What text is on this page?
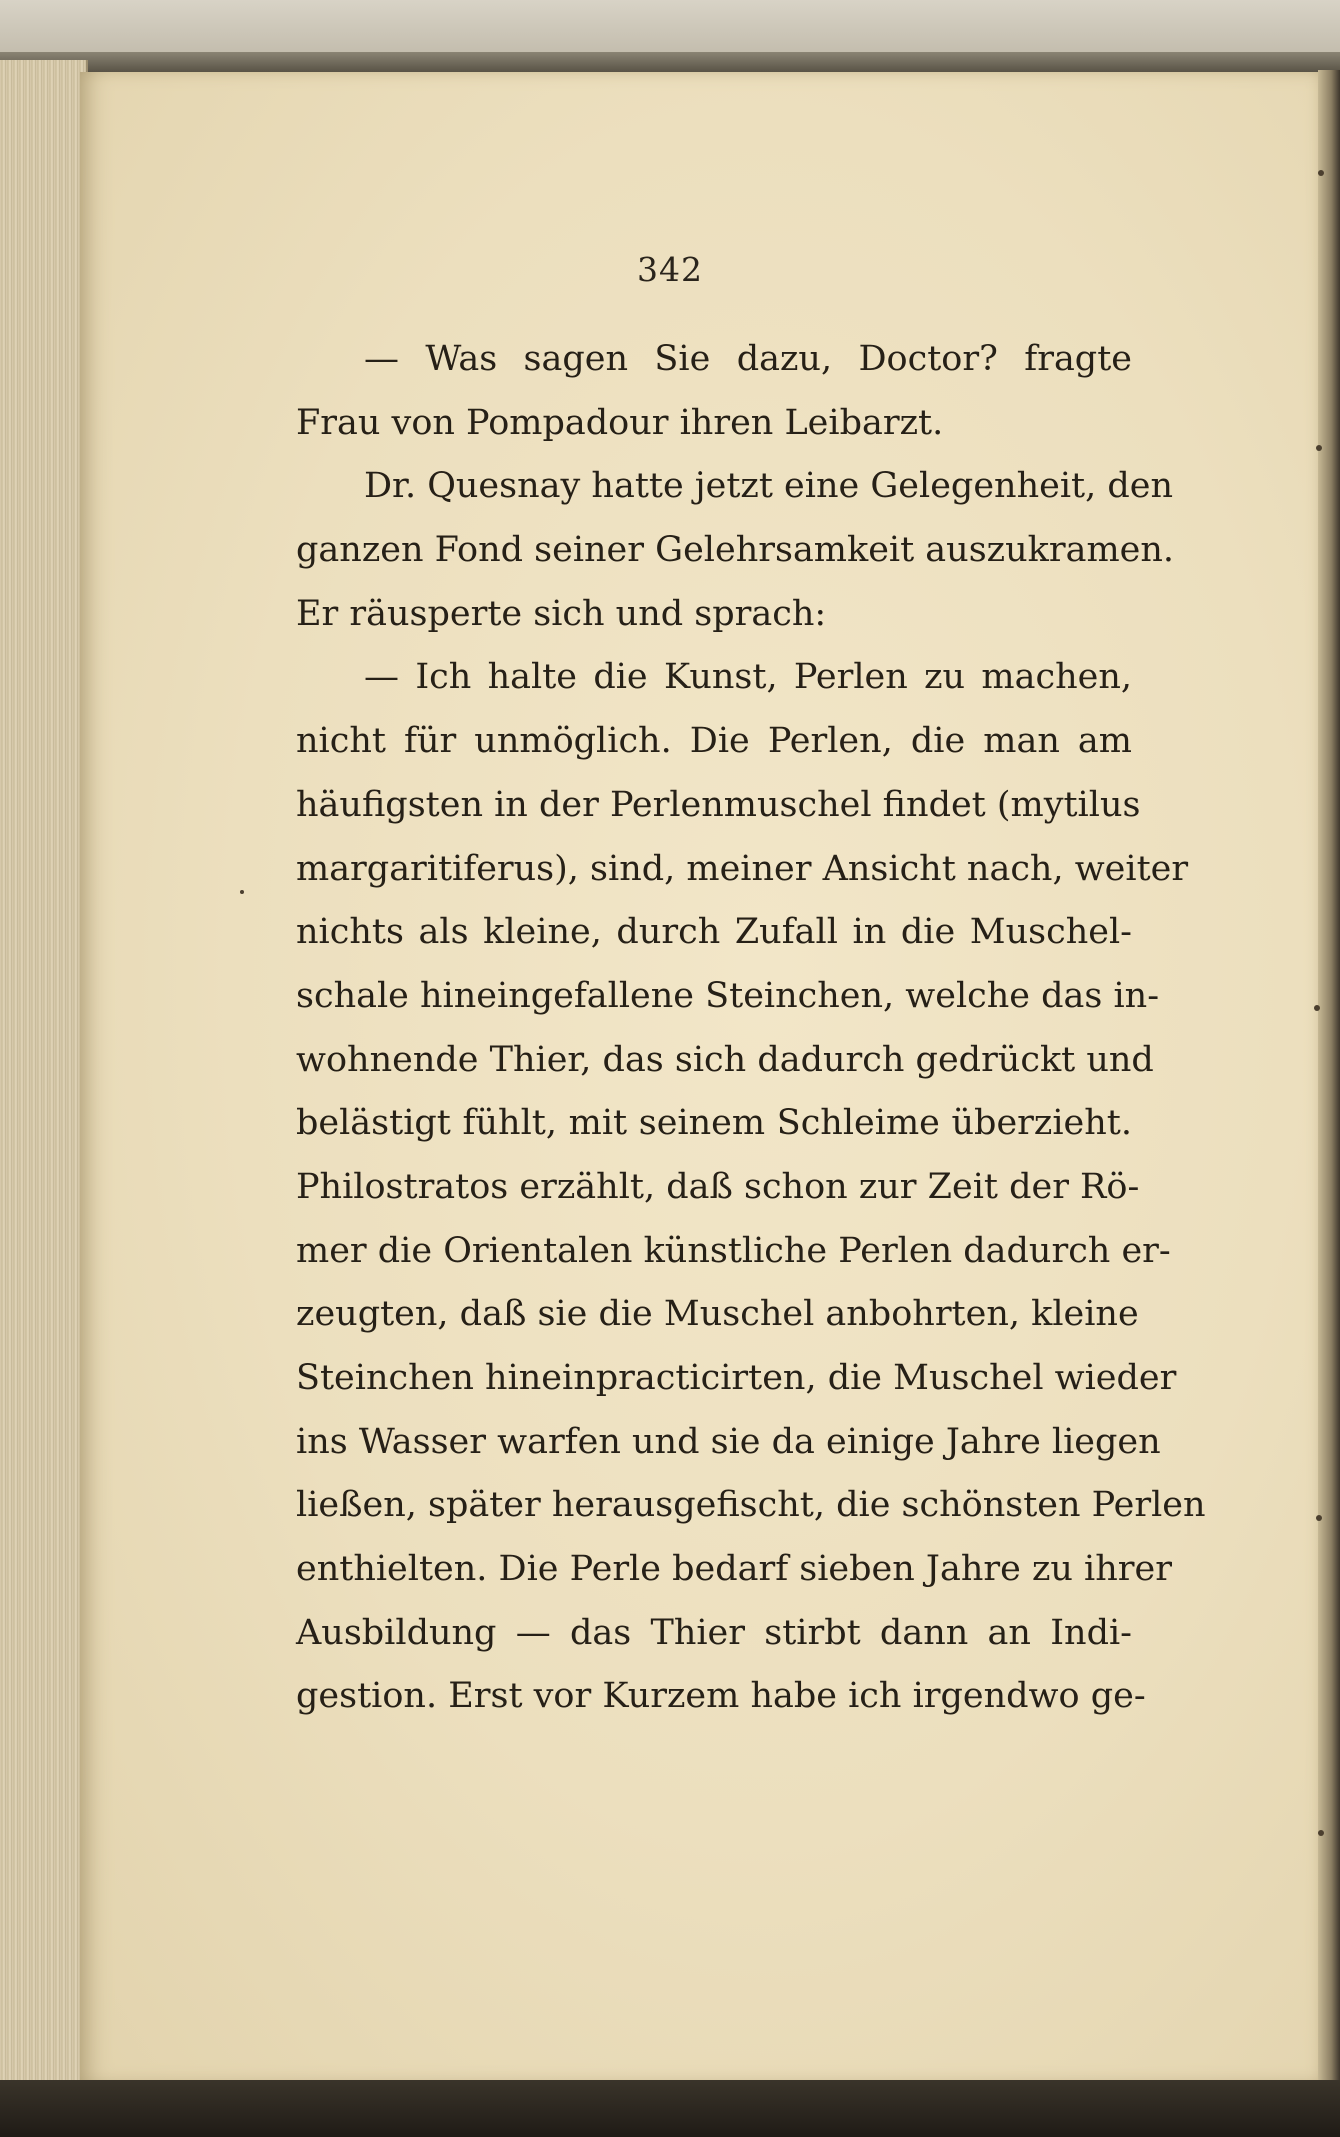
342
— Was sagen Sie dazu, Doctor? fragte
Frau von Pompadour ihren Leibarzt.
Dr. Quesnay hatte jetzt eine Gelegenheit, den
ganzen Fond seiner Gelehrsamkeit auszukramen.
Er räusperte sich und sprach:
— Ich halte die Kunst, Perlen zu machen,
nicht für unmöglich. Die Perlen, die man am
häufigsten in der Perlenmuschel findet (mytilus
margaritiferus), sind, meiner Ansicht nach, weiter
nichts als kleine, durch Zufall in die Muschel-
schale hineingefallene Steinchen, welche das in-
wohnende Thier, das sich dadurch gedrückt und
belästigt fühlt, mit seinem Schleime überzieht.
Philostratos erzählt, daß schon zur Zeit der Rö-
mer die Orientalen künstliche Perlen dadurch er-
zeugten, daß sie die Muschel anbohrten, kleine
Steinchen hineinpracticirten, die Muschel wieder
ins Wasser warfen und sie da einige Jahre liegen
ließen, später herausgefischt, die schönsten Perlen
enthielten. Die Perle bedarf sieben Jahre zu ihrer
Ausbildung — das Thier stirbt dann an Indi-
gestion. Erst vor Kurzem habe ich irgendwo ge-
